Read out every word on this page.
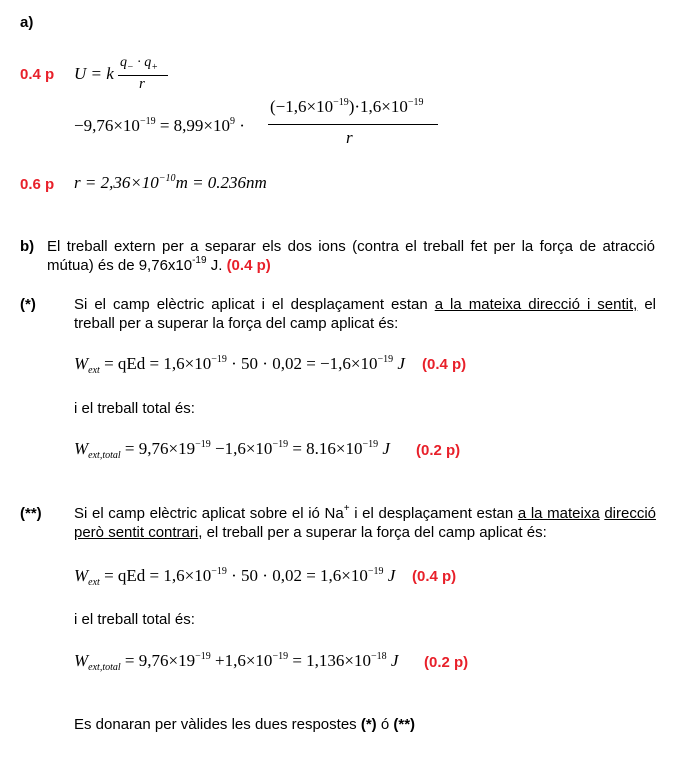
a)
0.4 p U = k
$q_- \cdot q_+$
r
$-9,76\times 10^{-19} = 8,99\times 10^9$ ·
$(-1,6\times 10^{-19})\cdot 1,6\times 10^{-19}$
r
0.6 p $r = 2,36\times 10^{-10}m = 0.236nm$
b) El treball extern per a separar els dos ions (contra el treball fet per la força de atracció mútua) és de $9,76x10^{-19}$ J. (0.4 p)
(*)	Si el camp elèctric aplicat i el desplaçament estan a la mateixa direcció i sentit, el treball per a superar la força del camp aplicat és:
$W_{ext}$ = qEd = $1,6\times 10^{-19} \cdot 50 \cdot 0,02 = -1,6\times 10^{-19}$ J (0.4 p)
i el treball total és:
$W_{ext,total} = 9,76\times 19^{-19} -1,6\times 10^{-19} = 8.16\times 10^{-19}$ J (0.2 p)
(**) Si el camp elèctric aplicat sobre el ió Na+ i el desplaçament estan a la mateixa direcció però sentit contrari, el treball per a superar la força del camp aplicat és:
$W_{ext}$ = qEd = $1,6\times 10^{-19} \cdot 50 \cdot 0,02 = 1,6\times 10^{-19}$ J (0.4 p)
i el treball total és:
$W_{ext,total} = 9,76\times 19^{-19} +1,6\times 10^{-19} = 1,136\times 10^{-18}$ J (0.2 p)
Es donaran per vàlides les dues respostes (*) ó (**)
